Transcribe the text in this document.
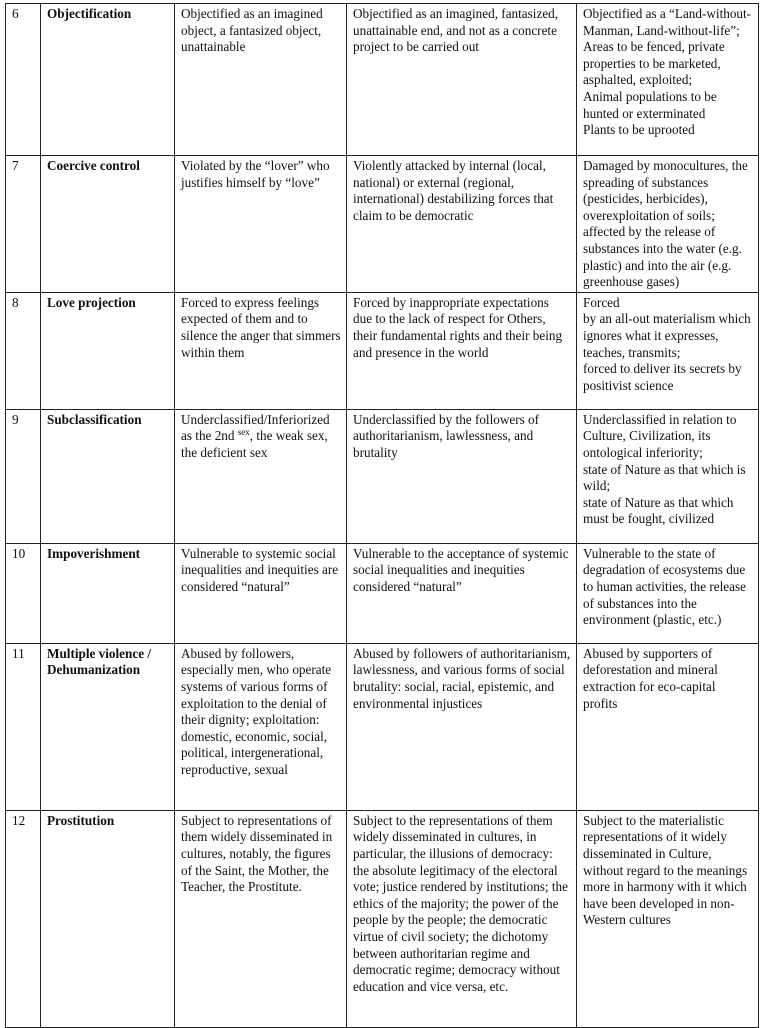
6	Objectification	Objectified as an imagined object, a fantasized object, unattainable	Objectified as an imagined, fantasized, unattainable end, and not as a concrete project to be carried out	Objectified as a “Land-without-Manman, Land-without-life”;
Areas to be fenced, private properties to be marketed, asphalted, exploited;
Animal populations to be hunted or exterminated
Plants to be uprooted

7	Coercive control	Violated by the “lover” who justifies himself by “love”	Violently attacked by internal (local, national) or external (regional, international) destabilizing forces that claim to be democratic	Damaged by monocultures, the spreading of substances (pesticides, herbicides), overexploitation of soils; affected by the release of substances into the water (e.g. plastic) and into the air (e.g. greenhouse gases)

8	Love projection	Forced to express feelings expected of them and to silence the anger that simmers within them	Forced by inappropriate expectations due to the lack of respect for Others, their fundamental rights and their being and presence in the world	Forced
by an all-out materialism which ignores what it expresses, teaches, transmits;
forced to deliver its secrets by positivist science

9	Subclassification	Underclassified/Inferiorized as the 2nd $^{sex}$, the weak sex, the deficient sex	Underclassified by the followers of authoritarianism, lawlessness, and brutality	Underclassified in relation to Culture, Civilization, its ontological inferiority;
state of Nature as that which is wild;
state of Nature as that which must be fought, civilized

10	Impoverishment	Vulnerable to systemic social inequalities and inequities are considered “natural”	Vulnerable to the acceptance of systemic social inequalities and inequities considered “natural”	Vulnerable to the state of degradation of ecosystems due to human activities, the release of substances into the environment (plastic, etc.)

11	Multiple violence / Dehumanization	Abused by followers, especially men, who operate systems of various forms of exploitation to the denial of their dignity; exploitation: domestic, economic, social, political, intergenerational, reproductive, sexual	Abused by followers of authoritarianism, lawlessness, and various forms of social brutality: social, racial, epistemic, and environmental injustices	Abused by supporters of deforestation and mineral extraction for eco-capital profits

12	Prostitution	Subject to representations of them widely disseminated in cultures, notably, the figures of the Saint, the Mother, the Teacher, the Prostitute.	Subject to the representations of them widely disseminated in cultures, in particular, the illusions of democracy: the absolute legitimacy of the electoral vote; justice rendered by institutions; the ethics of the majority; the power of the people by the people; the democratic virtue of civil society; the dichotomy between authoritarian regime and democratic regime; democracy without education and vice versa, etc.	Subject to the materialistic representations of it widely disseminated in Culture, without regard to the meanings more in harmony with it which have been developed in non-Western cultures
